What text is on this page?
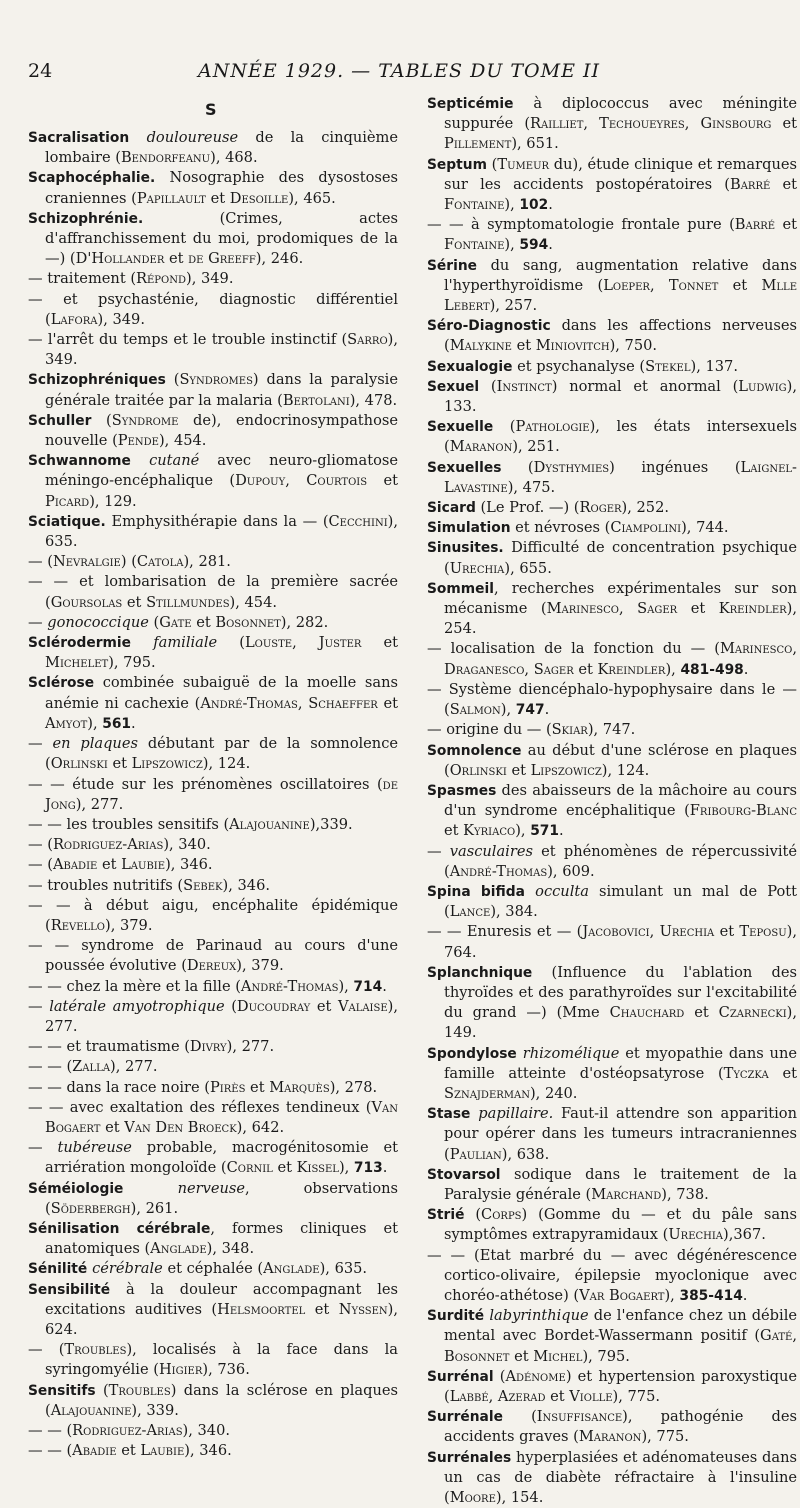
24	ANNÉE 1929. — TABLES DU TOME II
S

Sacralisation douloureuse de la cinquième lombaire (Bendorfeanu), 468.

Scaphocéphalie. Nosographie des dysostoses craniennes (Papillault et Desoille), 465.

Schizophrénie. (Crimes, actes d'affranchissement du moi, prodomiques de la —) (D'Hollander et de Greeff), 246.

— traitement (Répond), 349.

— et psychasténie, diagnostic différentiel (Lafora), 349.

— l'arrêt du temps et le trouble instinctif (Sarro), 349.

Schizophréniques (Syndromes) dans la paralysie générale traitée par la malaria (Bertolani), 478.

Schuller (Syndrome de), endocrinosympathose nouvelle (Pende), 454.

Schwannome cutané avec neuro-gliomatose méningo-encéphalique (Dupouy, Courtois et Picard), 129.

Sciatique. Emphysithérapie dans la — (Cecchini), 635.

— (Nevralgie) (Catola), 281.

— — et lombarisation de la première sacrée (Goursolas et Stillmundes), 454.

— gonococcique (Gate et Bosonnet), 282.

Sclérodermie familiale (Louste, Juster et Michelet), 795.

Sclérose combinée subaiguë de la moelle sans anémie ni cachexie (André-Thomas, Schaeffer et Amyot), 561.

— en plaques débutant par de la somnolence (Orlinski et Lipszowicz), 124.

— — étude sur les prénomènes oscillatoires (de Jong), 277.

— — les troubles sensitifs (Alajouanine),339.

— (Rodriguez-Arias), 340.

— (Abadie et Laubie), 346.

— troubles nutritifs (Sebek), 346.

— — à début aigu, encéphalite épidémique (Revello), 379.

— — syndrome de Parinaud au cours d'une poussée évolutive (Dereux), 379.

— — chez la mère et la fille (André-Thomas), 714.

— latérale amyotrophique (Ducoudray et Valaise), 277.

— — et traumatisme (Divry), 277.

— — (Zalla), 277.

— — dans la race noire (Pirès et Marquès), 278.

— — avec exaltation des réflexes tendineux (Van Bogaert et Van Den Broeck), 642.

— tubéreuse probable, macrogénitosomie et arriération mongoloïde (Cornil et Kissel), 713.

Séméiologie nerveuse, observations (Söderbergh), 261.

Sénilisation cérébrale, formes cliniques et anatomiques (Anglade), 348.

Sénilité cérébrale et céphalée (Anglade), 635.

Sensibilité à la douleur accompagnant les excitations auditives (Helsmoortel et Nyssen), 624.

— (Troubles), localisés à la face dans la syringomyélie (Higier), 736.

Sensitifs (Troubles) dans la sclérose en plaques (Alajouanine), 339.

— — (Rodriguez-Arias), 340.

— — (Abadie et Laubie), 346.

Septicémie à diplococcus avec méningite suppurée (Railliet, Techoueyres, Ginsbourg et Pillement), 651.

Septum (Tumeur du), étude clinique et remarques sur les accidents postopératoires (Barré et Fontaine), 102.

— — à symptomatologie frontale pure (Barré et Fontaine), 594.

Sérine du sang, augmentation relative dans l'hyperthyroïdisme (Loeper, Tonnet et Mlle Lebert), 257.

Séro-Diagnostic dans les affections nerveuses (Malykine et Miniovitch), 750.

Sexualogie et psychanalyse (Stekel), 137.

Sexuel (Instinct) normal et anormal (Ludwig), 133.

Sexuelle (Pathologie), les états intersexuels (Maranon), 251.

Sexuelles (Dysthymies) ingénues (Laignel-Lavastine), 475.

Sicard (Le Prof. —) (Roger), 252.

Simulation et névroses (Ciampolini), 744.

Sinusites. Difficulté de concentration psychique (Urechia), 655.

Sommeil, recherches expérimentales sur son mécanisme (Marinesco, Sager et Kreindler), 254.

— localisation de la fonction du — (Marinesco, Draganesco, Sager et Kreindler), 481-498.

— Système diencéphalo-hypophysaire dans le — (Salmon), 747.

— origine du — (Skiar), 747.

Somnolence au début d'une sclérose en plaques (Orlinski et Lipszowicz), 124.

Spasmes des abaisseurs de la mâchoire au cours d'un syndrome encéphalitique (Fribourg-Blanc et Kyriaco), 571.

— vasculaires et phénomènes de répercussivité (André-Thomas), 609.

Spina bifida occulta simulant un mal de Pott (Lance), 384.

— — Enuresis et — (Jacobovici, Urechia et Teposu), 764.

Splanchnique (Influence du l'ablation des thyroïdes et des parathyroïdes sur l'excitabilité du grand —) (Mme Chauchard et Czarnecki), 149.

Spondylose rhizomélique et myopathie dans une famille atteinte d'ostéopsatyrose (Tyczka et Sznajderman), 240.

Stase papillaire. Faut-il attendre son apparition pour opérer dans les tumeurs intracraniennes (Paulian), 638.

Stovarsol sodique dans le traitement de la Paralysie générale (Marchand), 738.

Strié (Corps) (Gomme du — et du pâle sans symptômes extrapyramidaux (Urechia),367.

— — (Etat marbré du — avec dégénérescence cortico-olivaire, épilepsie myoclonique avec choréo-athétose) (Var Bogaert), 385-414.

Surdité labyrinthique de l'enfance chez un débile mental avec Bordet-Wassermann positif (Gaté, Bosonnet et Michel), 795.

Surrénal (Adénome) et hypertension paroxystique (Labbé, Azerad et Violle), 775.

Surrénale (Insuffisance), pathogénie des accidents graves (Maranon), 775.

Surrénales hyperplasiées et adénomateuses dans un cas de diabète réfractaire à l'insuline (Moore), 154.
